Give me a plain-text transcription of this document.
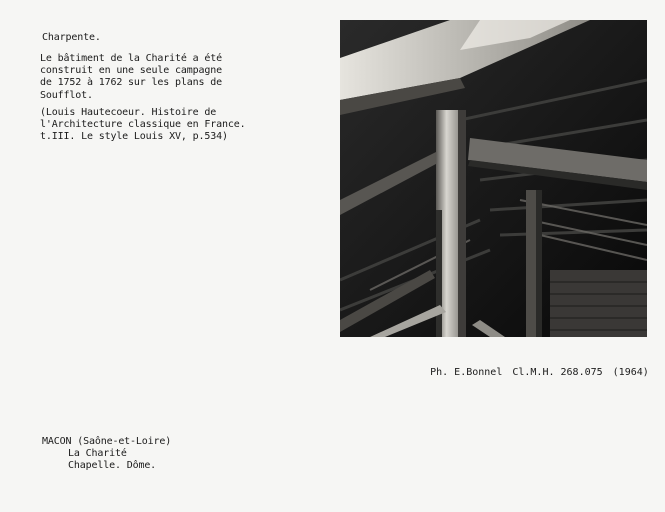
Charpente.
Le bâtiment de la Charité a été
construit en une seule campagne
de 1752 à 1762 sur les plans de
Soufflot.
(Louis Hautecoeur. Histoire de
l'Architecture classique en France.
t.III. Le style Louis XV, p.534)

Ph. E.Bonnel Cl.M.H. 268.075 (1964)

MACON (Saône-et-Loire)
La Charité
Chapelle. Dôme.
